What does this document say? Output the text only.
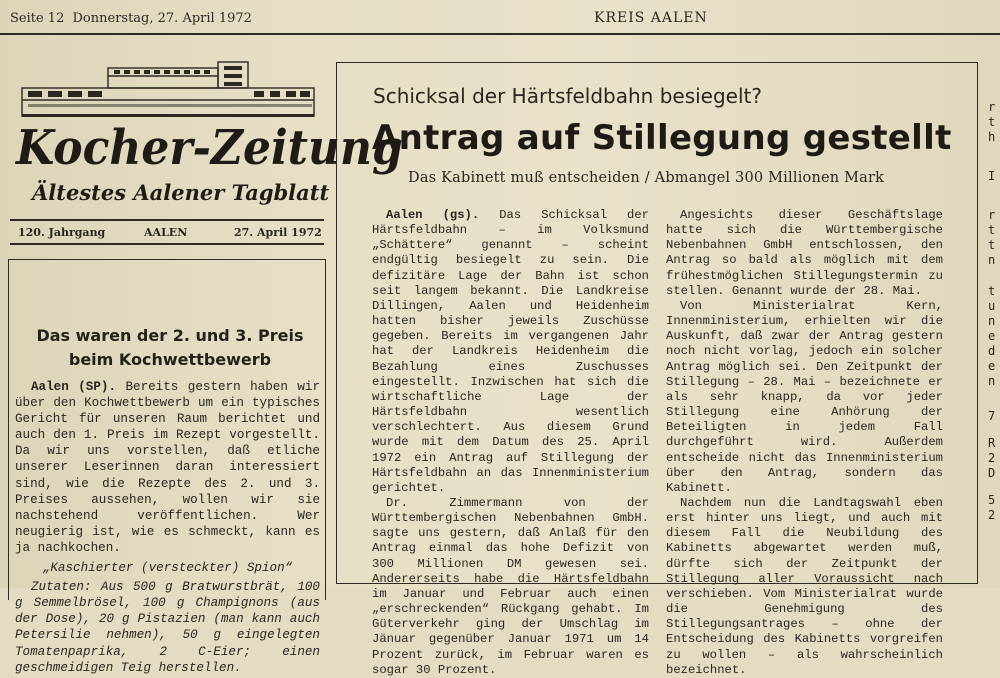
Seite 12 Donnerstag, 27. April 1972	KREIS AALEN
Kocher-Zeitung
Ältestes Aalener Tagblatt
120. Jahrgang	AALEN	27. April 1972
Das waren der 2. und 3. Preis beim Kochwettbewerb

Aalen (SP). Bereits gestern haben wir über den Kochwettbewerb um ein typisches Gericht für unseren Raum berichtet und auch den 1. Preis im Rezept vorgestellt. Da wir uns vorstellen, daß etliche unserer Leserinnen daran interessiert sind, wie die Rezepte des 2. und 3. Preises aussehen, wollen wir sie nachstehend veröffentlichen. Wer neugierig ist, wie es schmeckt, kann es ja nachkochen.

„Kaschierter (versteckter) Spion“

Zutaten: Aus 500 g Bratwurstbrät, 100 g Semmelbrösel, 100 g Champignons (aus der Dose), 20 g Pistazien (man kann auch Petersilie nehmen), 50 g eingelegten Tomatenpaprika, 2 C-Eier; einen geschmeidigen Teig herstellen.

Schicksal der Härtsfeldbahn besiegelt?
Antrag auf Stillegung gestellt
Das Kabinett muß entscheiden / Abmangel 300 Millionen Mark

Aalen (gs). Das Schicksal der Härtsfeldbahn – im Volksmund „Schättere“ genannt – scheint endgültig besiegelt zu sein. Die defizitäre Lage der Bahn ist schon seit langem bekannt. Die Landkreise Dillingen, Aalen und Heidenheim hatten bisher jeweils Zuschüsse gegeben. Bereits im vergangenen Jahr hat der Landkreis Heidenheim die Bezahlung eines Zuschusses eingestellt. Inzwischen hat sich die wirtschaftliche Lage der Härtsfeldbahn wesentlich verschlechtert. Aus diesem Grund wurde mit dem Datum des 25. April 1972 ein Antrag auf Stillegung der Härtsfeldbahn an das Innenministerium gerichtet.

Dr. Zimmermann von der Württembergischen Nebenbahnen GmbH. sagte uns gestern, daß Anlaß für den Antrag einmal das hohe Defizit von 300 Millionen DM gewesen sei. Andererseits habe die Härtsfeldbahn im Januar und Februar auch einen „erschreckenden“ Rückgang gehabt. Im Güterverkehr ging der Umschlag im Jänuar gegenüber Januar 1971 um 14 Prozent zurück, im Februar waren es sogar 30 Prozent.

Angesichts dieser Geschäftslage hatte sich die Württembergische Nebenbahnen GmbH entschlossen, den Antrag so bald als möglich mit dem frühestmöglichen Stillegungstermin zu stellen. Genannt wurde der 28. Mai.

Von Ministerialrat Kern, Innenministerium, erhielten wir die Auskunft, daß zwar der Antrag gestern noch nicht vorlag, jedoch ein solcher Antrag möglich sei. Den Zeitpunkt der Stillegung – 28. Mai – bezeichnete er als sehr knapp, da vor jeder Stillegung eine Anhörung der Beteiligten in jedem Fall durchgeführt wird. Außerdem entscheide nicht das Innenministerium über den Antrag, sondern das Kabinett.

Nachdem nun die Landtagswahl eben erst hinter uns liegt, und auch mit diesem Fall die Neubildung des Kabinetts abgewartet werden muß, dürfte sich der Zeitpunkt der Stillegung aller Voraussicht nach verschieben. Vom Ministerialrat wurde die Genehmigung des Stillegungsantrages – ohne der Entscheidung des Kabinetts vorgreifen zu wollen – als wahrscheinlich bezeichnet.

r
t
h
I
r
t
t
n
t
u
n
e
d
e
n
7
R
2
D
5
2
